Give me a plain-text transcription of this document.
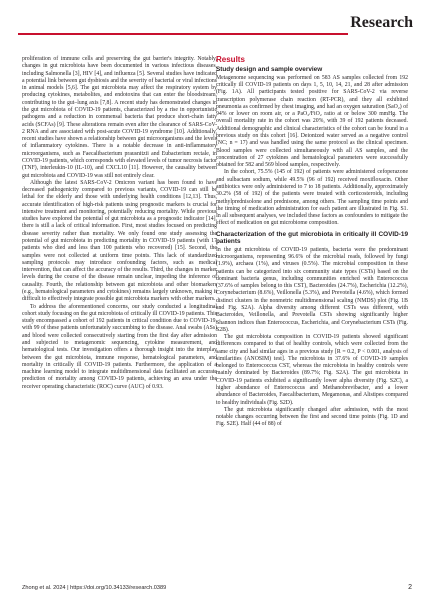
Research

proliferation of immune cells and preserving the gut barrier's integrity. Notably, changes in gut microbiota have been documented in various infectious diseases, including Salmonella [3], HIV [4], and influenza [5]. Several studies have indicated a potential link between gut dysbiosis and the severity of bacterial or viral infections in animal models [5,6]. The gut microbiota may affect the respiratory system by producing cytokines, metabolites, and endotoxins that can enter the bloodstream, contributing to the gut–lung axis [7,8]. A recent study has demonstrated changes in the gut microbiota of COVID-19 patients, characterized by a rise in opportunistic pathogens and a reduction in commensal bacteria that produce short-chain fatty acids (SCFAs) [9]. These alterations remain even after the clearance of SARS-CoV-2 RNA and are associated with post-acute COVID-19 syndrome [10]. Additionally, recent studies have shown a relationship between gut microorganisms and the levels of inflammatory cytokines. There is a notable decrease in anti-inflammatory microorganisms, such as Faecalibacterium prausnitzii and Eubacterium rectale, in COVID-19 patients, which corresponds with elevated levels of tumor necrosis factor (TNF), interleukin-10 (IL-10), and CXCL10 [11]. However, the causality between gut microbiota and COVID-19 was still not entirely clear.

Although the latest SARS-CoV-2 Omicron variant has been found to have decreased pathogenicity compared to previous variants, COVID-19 can still be lethal for the elderly and those with underlying health conditions [12,13]. Thus, accurate identification of high-risk patients using prognostic markers is crucial for intensive treatment and monitoring, potentially reducing mortality. While previous studies have explored the potential of gut microbiota as a prognostic indicator [14], there is still a lack of critical information. First, most studies focused on predicting disease severity rather than mortality. We only found one study assessing the potential of gut microbiota in predicting mortality in COVID-19 patients (with 17 patients who died and less than 100 patients who recovered) [15]. Second, the samples were not collected at uniform time points. This lack of standardized sampling protocols may introduce confounding factors, such as medical intervention, that can affect the accuracy of the results. Third, the changes in marker levels during the course of the disease remain unclear, impeding the inference of causality. Fourth, the relationship between gut microbiota and other biomarkers (e.g., hematological parameters and cytokines) remains largely unknown, making it difficult to effectively integrate possible gut microbiota markers with other markers.

To address the aforementioned concerns, our study conducted a longitudinal cohort study focusing on the gut microbiota of critically ill COVID-19 patients. This study encompassed a cohort of 192 patients in critical condition due to COVID-19, with 99 of these patients unfortunately succumbing to the disease. Anal swabs (ASs) and blood were collected consecutively starting from the first day after admission and subjected to metagenomic sequencing, cytokine measurement, and hematological tests. Our investigation offers a thorough insight into the interplay between the gut microbiota, immune response, hematological parameters, and mortality in critically ill COVID-19 patients. Furthermore, the application of a machine learning model to integrate multidimensional data facilitated an accurate prediction of mortality among COVID-19 patients, achieving an area under the receiver operating characteristic (ROC) curve (AUC) of 0.93.

Results
Study design and sample overview

Metagenome sequencing was performed on 583 AS samples collected from 192 critically ill COVID-19 patients on days 1, 5, 10, 14, 21, and 28 after admission (Fig. 1A). All participants tested positive for SARS-CoV-2 via reverse transcription polymerase chain reaction (RT-PCR), and they all exhibited pneumonia as confirmed by chest imaging, and had an oxygen saturation (SaO₂) of 94% or lower on room air, or a PaO₂/FiO₂ ratio at or below 300 mmHg. The overall mortality rate in the cohort was 20%, with 39 of 192 patients deceased. Additional demographic and clinical characteristics of the cohort can be found in a previous study on this cohort [16]. Deionized water served as a negative control (NC; n = 17) and was handled using the same protocol as the clinical specimen. Blood samples were collected simultaneously with all AS samples, and the concentration of 27 cytokines and hematological parameters were successfully obtained for 582 and 569 blood samples, respectively.

In the cohort, 75.5% (145 of 192) of patients were administered cefoperazone and sulbactam sodium, while 49.5% (96 of 192) received moxifloxacin. Other antibiotics were only administered to 7 to 18 patients. Additionally, approximately 30.2% (58 of 192) of the patients were treated with corticosteroids, including methylprednisolone and prednisone, among others. The sampling time points and the timing of medication administration for each patient are illustrated in Fig. S1. In all subsequent analyses, we included these factors as confounders to mitigate the effect of medication on gut microbiome composition.

Characterization of the gut microbiota in critically ill COVID-19 patients

In the gut microbiota of COVID-19 patients, bacteria were the predominant microorganisms, representing 96.6% of the microbial reads, followed by fungi (1.9%), archaea (1%), and viruses (0.5%). The microbial composition in these patients can be categorized into six community state types (CSTs) based on the dominant bacteria genus, including communities enriched with Enterococcus (37.6% of samples belong to this CST), Bacteroides (24.7%), Escherichia (12.2%), Corynebacterium (8.6%), Veillonella (5.3%), and Prevotella (4.6%), which formed distinct clusters in the nonmetric multidimensional scaling (NMDS) plot (Fig. 1B and Fig. S2A). Alpha diversity among different CSTs was different, with Bacteroides, Veillonella, and Prevotella CSTs showing significantly higher Shannon indices than Enterococcus, Escherichia, and Corynebacterium CSTs (Fig. S2B).

The gut microbiota composition in COVID-19 patients showed significant differences compared to that of healthy controls, which were collected from the same city and had similar ages in a previous study [R = 0.2, P < 0.001, analysis of similarities (ANOSIM) test]. The microbiota in 37.6% of COVID-19 samples belonged to Enterococcus CST, whereas the microbiota in healthy controls were mainly dominated by Bacteroides (89.7%; Fig. S2A). The gut microbiota in COVID-19 patients exhibited a significantly lower alpha diversity (Fig. S2C), a higher abundance of Enterococcus and Methanobrevibacter, and a lower abundance of Bacteroides, Faecalibacterium, Megamonas, and Alistipes compared to healthy individuals (Fig. S2D).

The gut microbiota significantly changed after admission, with the most notable changes occurring between the first and second time points (Fig. 1D and Fig. S2E). Half (44 of 88) of

Zhong et al. 2024 | https://doi.org/10.34133/research.0389	2
